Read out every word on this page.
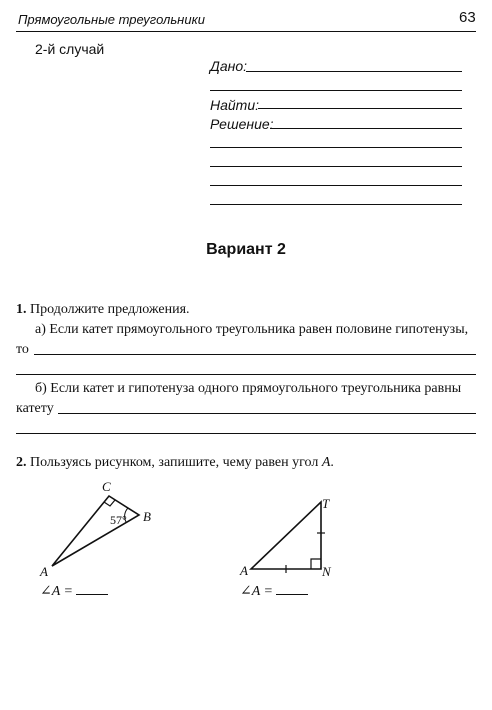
Прямоугольные треугольники	63
2-й случай
Дано:
Найти:
Решение:
Вариант 2
1. Продолжите предложения.
а) Если катет прямоугольного треугольника равен половине гипотенузы,
то
б) Если катет и гипотенуза одного прямоугольного треугольника равны
катету
2. Пользуясь рисунком, запишите, чему равен угол A.
C
B
A
57°
∠A =
T
A	N
∠A =
